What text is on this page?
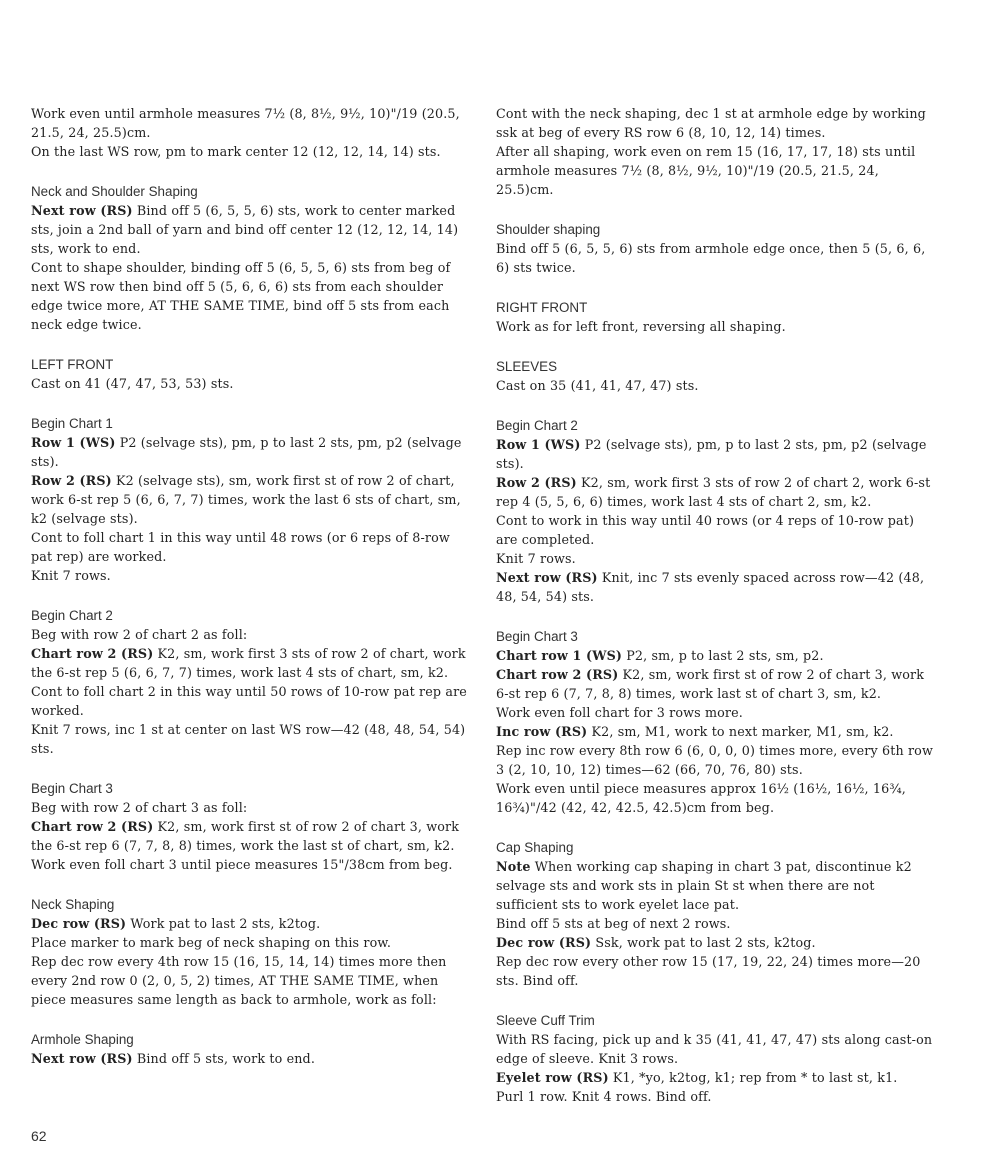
Work even until armhole measures 7½ (8, 8½, 9½, 10)"/19 (20.5, 21.5, 24, 25.5)cm.
On the last WS row, pm to mark center 12 (12, 12, 14, 14) sts.
Neck and Shoulder Shaping
Next row (RS) Bind off 5 (6, 5, 5, 6) sts, work to center marked sts, join a 2nd ball of yarn and bind off center 12 (12, 12, 14, 14) sts, work to end.
Cont to shape shoulder, binding off 5 (6, 5, 5, 6) sts from beg of next WS row then bind off 5 (5, 6, 6, 6) sts from each shoulder edge twice more, AT THE SAME TIME, bind off 5 sts from each neck edge twice.
LEFT FRONT
Cast on 41 (47, 47, 53, 53) sts.
Begin Chart 1
Row 1 (WS) P2 (selvage sts), pm, p to last 2 sts, pm, p2 (selvage sts).
Row 2 (RS) K2 (selvage sts), sm, work first st of row 2 of chart, work 6-st rep 5 (6, 6, 7, 7) times, work the last 6 sts of chart, sm, k2 (selvage sts).
Cont to foll chart 1 in this way until 48 rows (or 6 reps of 8-row pat rep) are worked.
Knit 7 rows.
Begin Chart 2
Beg with row 2 of chart 2 as foll:
Chart row 2 (RS) K2, sm, work first 3 sts of row 2 of chart, work the 6-st rep 5 (6, 6, 7, 7) times, work last 4 sts of chart, sm, k2.
Cont to foll chart 2 in this way until 50 rows of 10-row pat rep are worked.
Knit 7 rows, inc 1 st at center on last WS row—42 (48, 48, 54, 54) sts.
Begin Chart 3
Beg with row 2 of chart 3 as foll:
Chart row 2 (RS) K2, sm, work first st of row 2 of chart 3, work the 6-st rep 6 (7, 7, 8, 8) times, work the last st of chart, sm, k2.
Work even foll chart 3 until piece measures 15"/38cm from beg.
Neck Shaping
Dec row (RS) Work pat to last 2 sts, k2tog.
Place marker to mark beg of neck shaping on this row.
Rep dec row every 4th row 15 (16, 15, 14, 14) times more then every 2nd row 0 (2, 0, 5, 2) times, AT THE SAME TIME, when piece measures same length as back to armhole, work as foll:
Armhole Shaping
Next row (RS) Bind off 5 sts, work to end.
Cont with the neck shaping, dec 1 st at armhole edge by working ssk at beg of every RS row 6 (8, 10, 12, 14) times.
After all shaping, work even on rem 15 (16, 17, 17, 18) sts until armhole measures 7½ (8, 8½, 9½, 10)"/19 (20.5, 21.5, 24, 25.5)cm.
Shoulder shaping
Bind off 5 (6, 5, 5, 6) sts from armhole edge once, then 5 (5, 6, 6, 6) sts twice.
RIGHT FRONT
Work as for left front, reversing all shaping.
SLEEVES
Cast on 35 (41, 41, 47, 47) sts.
Begin Chart 2
Row 1 (WS) P2 (selvage sts), pm, p to last 2 sts, pm, p2 (selvage sts).
Row 2 (RS) K2, sm, work first 3 sts of row 2 of chart 2, work 6-st rep 4 (5, 5, 6, 6) times, work last 4 sts of chart 2, sm, k2.
Cont to work in this way until 40 rows (or 4 reps of 10-row pat) are completed.
Knit 7 rows.
Next row (RS) Knit, inc 7 sts evenly spaced across row—42 (48, 48, 54, 54) sts.
Begin Chart 3
Chart row 1 (WS) P2, sm, p to last 2 sts, sm, p2.
Chart row 2 (RS) K2, sm, work first st of row 2 of chart 3, work 6-st rep 6 (7, 7, 8, 8) times, work last st of chart 3, sm, k2.
Work even foll chart for 3 rows more.
Inc row (RS) K2, sm, M1, work to next marker, M1, sm, k2.
Rep inc row every 8th row 6 (6, 0, 0, 0) times more, every 6th row 3 (2, 10, 10, 12) times—62 (66, 70, 76, 80) sts.
Work even until piece measures approx 16½ (16½, 16½, 16¾, 16¾)"/42 (42, 42, 42.5, 42.5)cm from beg.
Cap Shaping
Note When working cap shaping in chart 3 pat, discontinue k2 selvage sts and work sts in plain St st when there are not sufficient sts to work eyelet lace pat.
Bind off 5 sts at beg of next 2 rows.
Dec row (RS) Ssk, work pat to last 2 sts, k2tog.
Rep dec row every other row 15 (17, 19, 22, 24) times more—20 sts. Bind off.
Sleeve Cuff Trim
With RS facing, pick up and k 35 (41, 41, 47, 47) sts along cast-on edge of sleeve. Knit 3 rows.
Eyelet row (RS) K1, *yo, k2tog, k1; rep from * to last st, k1.
Purl 1 row. Knit 4 rows. Bind off.
62
